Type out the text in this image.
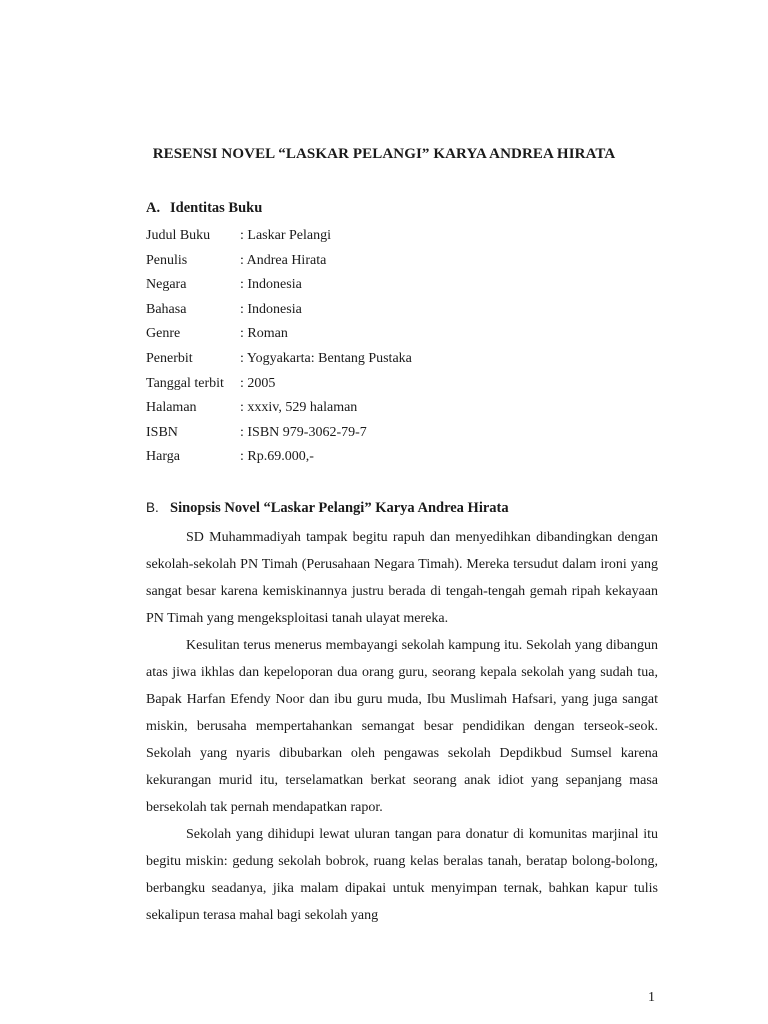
RESENSI NOVEL “LASKAR PELANGI” KARYA ANDREA HIRATA
A. Identitas Buku
Judul Buku : Laskar Pelangi
Penulis	: Andrea Hirata
Negara	: Indonesia
Bahasa	: Indonesia
Genre	: Roman
Penerbit	: Yogyakarta: Bentang Pustaka
Tanggal terbit : 2005
Halaman	: xxxiv, 529 halaman
ISBN	: ISBN 979-3062-79-7
Harga	: Rp.69.000,-
B. Sinopsis Novel “Laskar Pelangi” Karya Andrea Hirata

SD Muhammadiyah tampak begitu rapuh dan menyedihkan dibandingkan dengan sekolah-sekolah PN Timah (Perusahaan Negara Timah). Mereka tersudut dalam ironi yang sangat besar karena kemiskinannya justru berada di tengah-tengah gemah ripah kekayaan PN Timah yang mengeksploitasi tanah ulayat mereka.

Kesulitan terus menerus membayangi sekolah kampung itu. Sekolah yang dibangun atas jiwa ikhlas dan kepeloporan dua orang guru, seorang kepala sekolah yang sudah tua, Bapak Harfan Efendy Noor dan ibu guru muda, Ibu Muslimah Hafsari, yang juga sangat miskin, berusaha mempertahankan semangat besar pendidikan dengan terseok-seok. Sekolah yang nyaris dibubarkan oleh pengawas sekolah Depdikbud Sumsel karena kekurangan murid itu, terselamatkan berkat seorang anak idiot yang sepanjang masa bersekolah tak pernah mendapatkan rapor.

Sekolah yang dihidupi lewat uluran tangan para donatur di komunitas marjinal itu begitu miskin: gedung sekolah bobrok, ruang kelas beralas tanah, beratap bolong-bolong, berbangku seadanya, jika malam dipakai untuk menyimpan ternak, bahkan kapur tulis sekalipun terasa mahal bagi sekolah yang

1
